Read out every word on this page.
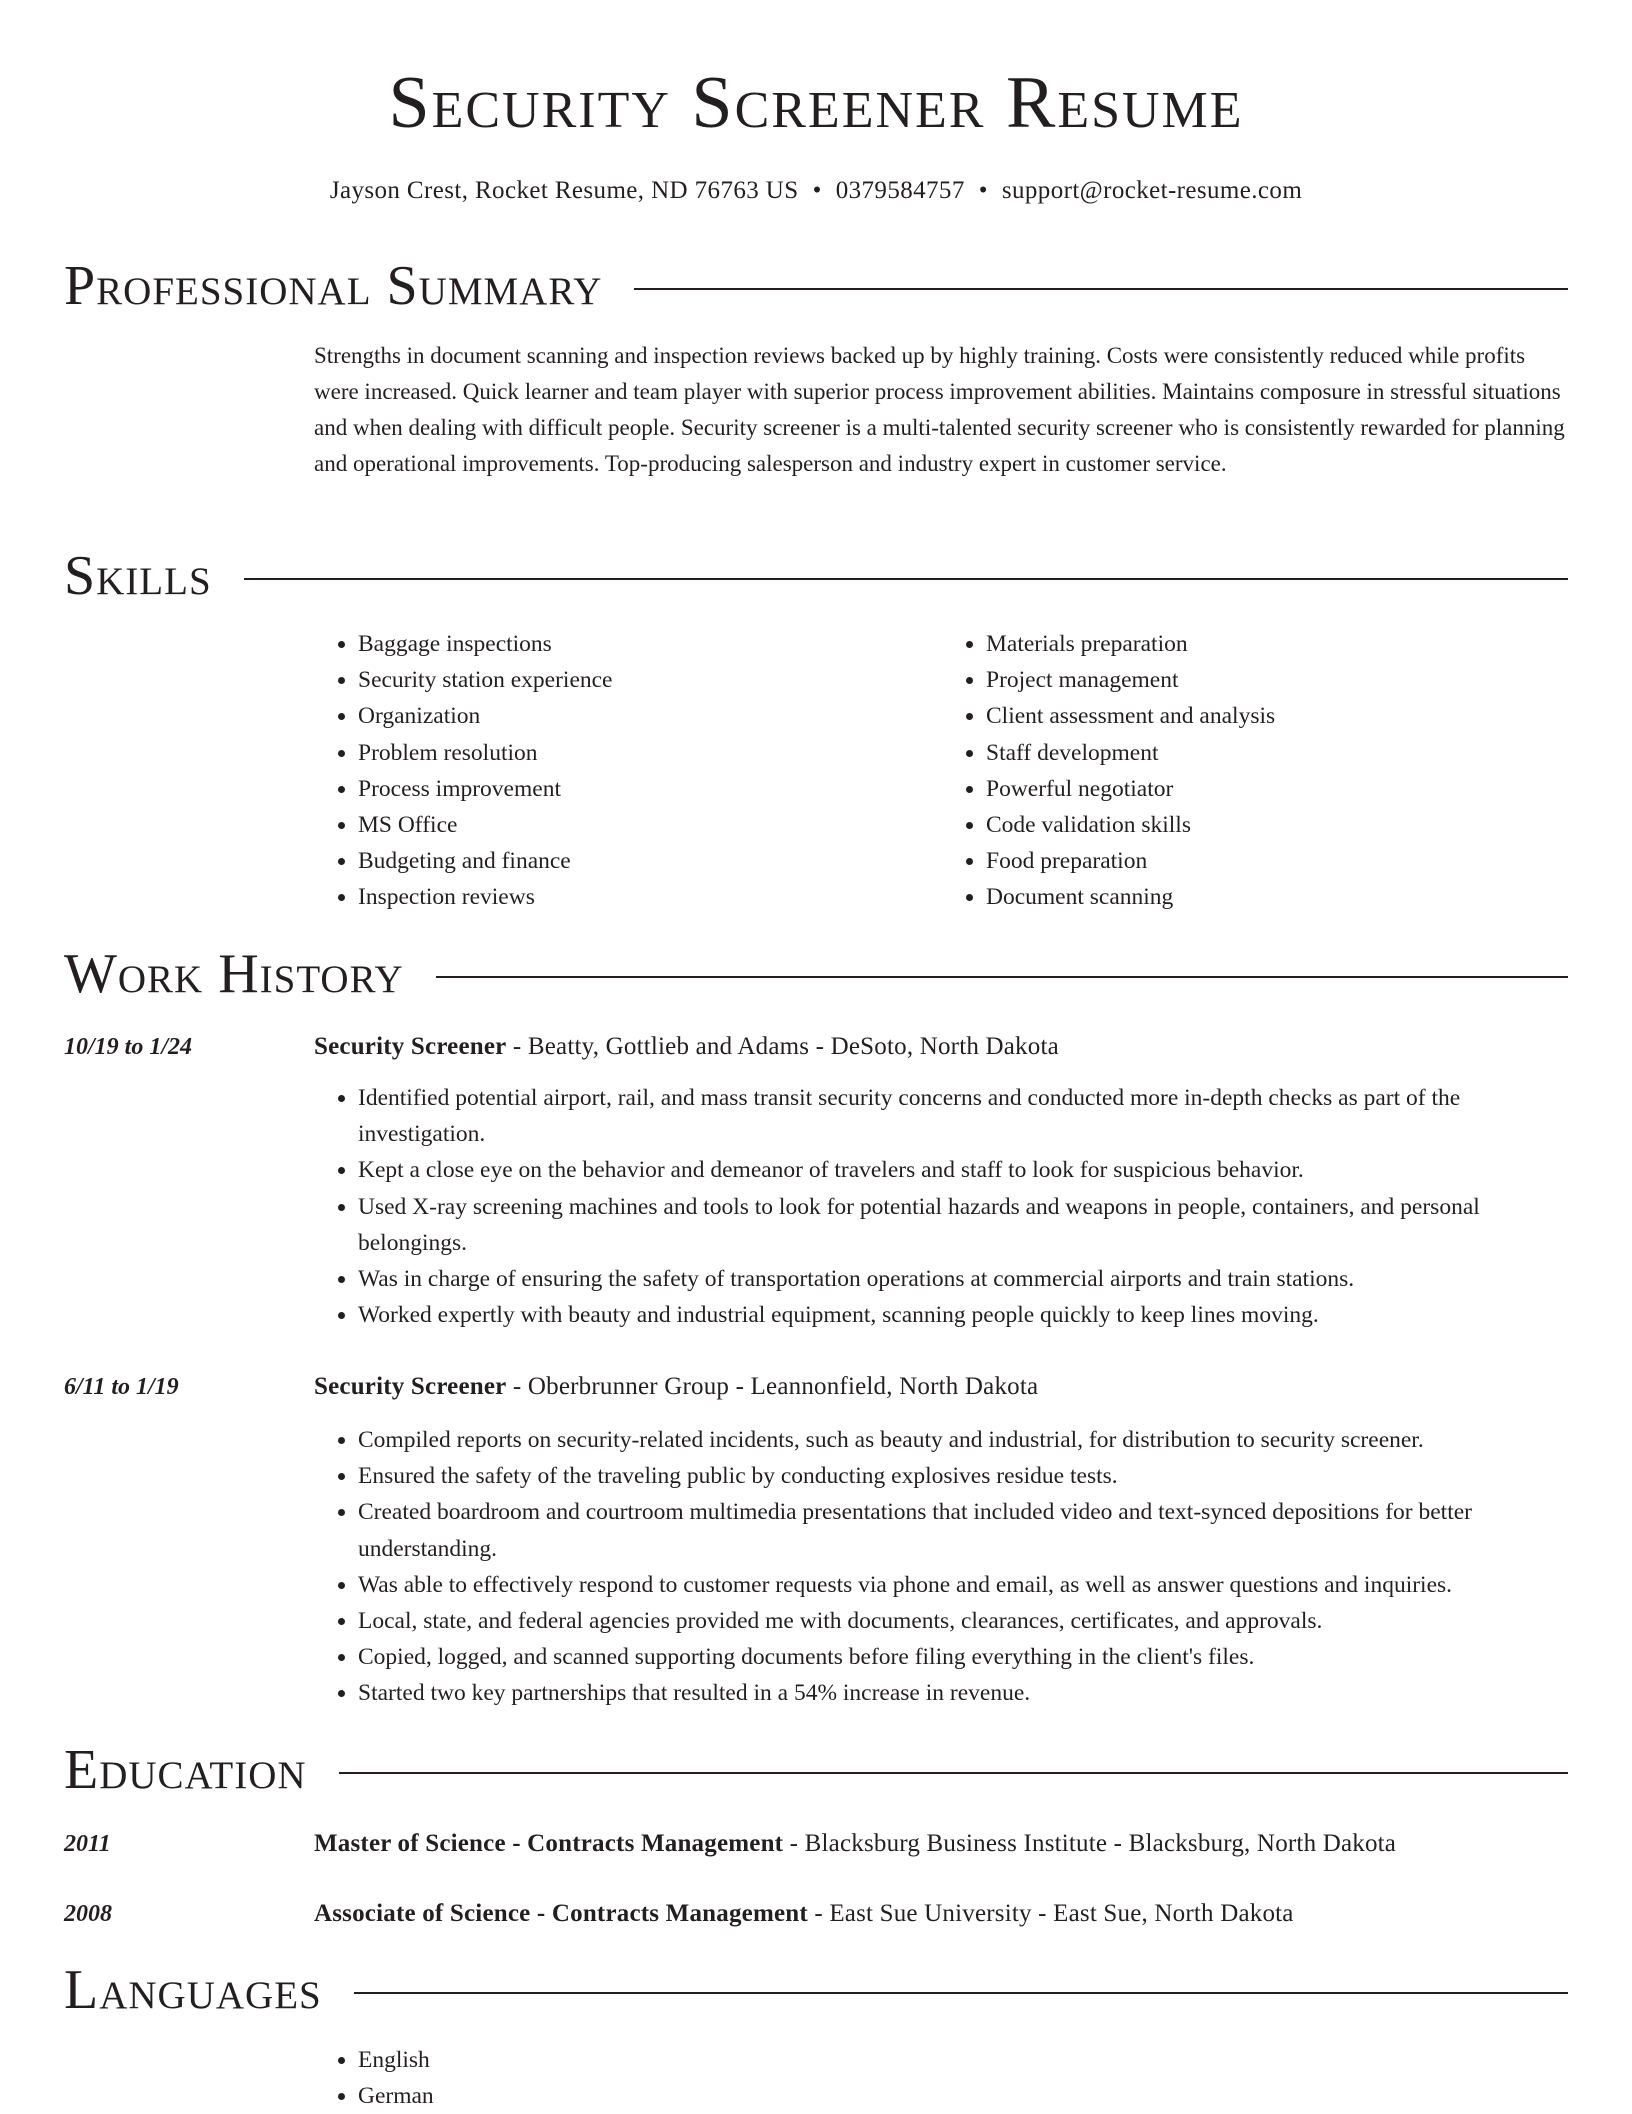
Security Screener Resume
Jayson Crest, Rocket Resume, ND 76763 US • 0379584757 • support@rocket-resume.com
Professional Summary

Strengths in document scanning and inspection reviews backed up by highly training. Costs were consistently reduced while profits were increased. Quick learner and team player with superior process improvement abilities. Maintains composure in stressful situations and when dealing with difficult people. Security screener is a multi-talented security screener who is consistently rewarded for planning and operational improvements. Top-producing salesperson and industry expert in customer service.

Skills
• Baggage inspections
• Security station experience
• Organization
• Problem resolution
• Process improvement
• MS Office
• Budgeting and finance
• Inspection reviews
• Materials preparation
• Project management
• Client assessment and analysis
• Staff development
• Powerful negotiator
• Code validation skills
• Food preparation
• Document scanning
Work History
10/19 to 1/24	Security Screener - Beatty, Gottlieb and Adams - DeSoto, North Dakota
• Identified potential airport, rail, and mass transit security concerns and conducted more in-depth checks as part of the investigation.
• Kept a close eye on the behavior and demeanor of travelers and staff to look for suspicious behavior.
• Used X-ray screening machines and tools to look for potential hazards and weapons in people, containers, and personal belongings.
• Was in charge of ensuring the safety of transportation operations at commercial airports and train stations.
• Worked expertly with beauty and industrial equipment, scanning people quickly to keep lines moving.
6/11 to 1/19	Security Screener - Oberbrunner Group - Leannonfield, North Dakota
• Compiled reports on security-related incidents, such as beauty and industrial, for distribution to security screener.
• Ensured the safety of the traveling public by conducting explosives residue tests.
• Created boardroom and courtroom multimedia presentations that included video and text-synced depositions for better understanding.
• Was able to effectively respond to customer requests via phone and email, as well as answer questions and inquiries.
• Local, state, and federal agencies provided me with documents, clearances, certificates, and approvals.
• Copied, logged, and scanned supporting documents before filing everything in the client's files.
• Started two key partnerships that resulted in a 54% increase in revenue.
Education
2011	Master of Science - Contracts Management - Blacksburg Business Institute - Blacksburg, North Dakota
2008	Associate of Science - Contracts Management - East Sue University - East Sue, North Dakota
Languages
• English
• German
